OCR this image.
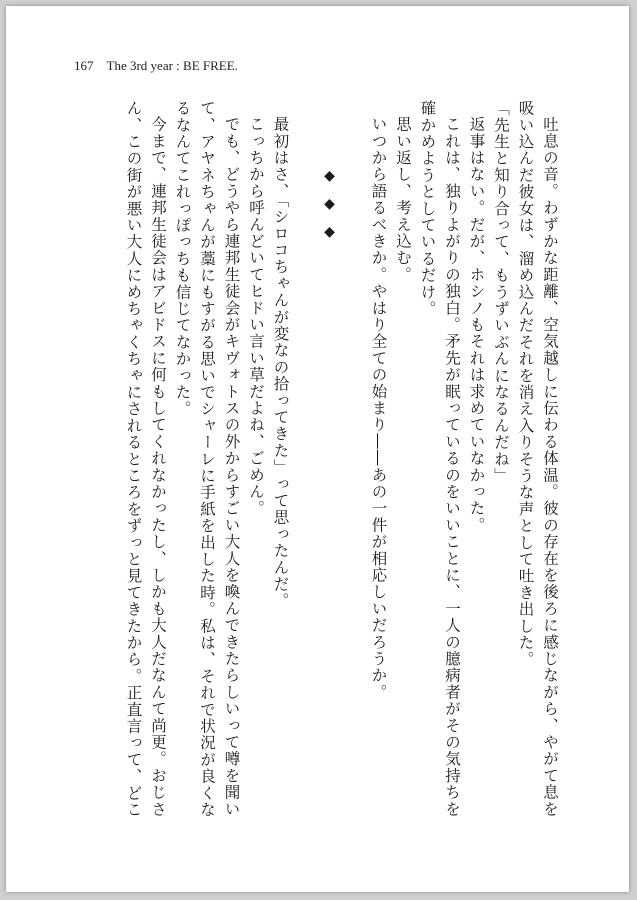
167 The 3rd year : BE FREE.
吐息の音。わずかな距離、空気越しに伝わる体温。彼の存在を後ろに感じながら、やがて息を
吸い込んだ彼女は、溜め込んだそれを消え入りそうな声として吐き出した。
「先生と知り合って、もうずいぶんになるんだね」
返事はない。だが、ホシノもそれは求めていなかった。
これは、独りよがりの独白。矛先が眠っているのをいいことに、一人の臆病者がその気持ちを
確かめようとしているだけ。
思い返し、考え込む。
いつから語るべきか。やはり全ての始まり――あの一件が相応しいだろうか。
◆◆◆
最初はさ、「シロコちゃんが変なの拾ってきた」って思ったんだ。
こっちから呼んどいてヒドい言い草だよね、ごめん。
でも、どうやら連邦生徒会がキヴォトスの外からすごい大人を喚んできたらしいって噂を聞い
て、アヤネちゃんが藁にもすがる思いでシャーレに手紙を出した時。私は、それで状況が良くな
るなんてこれっぽっちも信じてなかった。
今まで、連邦生徒会はアビドスに何もしてくれなかったし、しかも大人だなんて尚更。おじさ
ん、この街が悪い大人にめちゃくちゃにされるところをずっと見てきたから。正直言って、どこ
